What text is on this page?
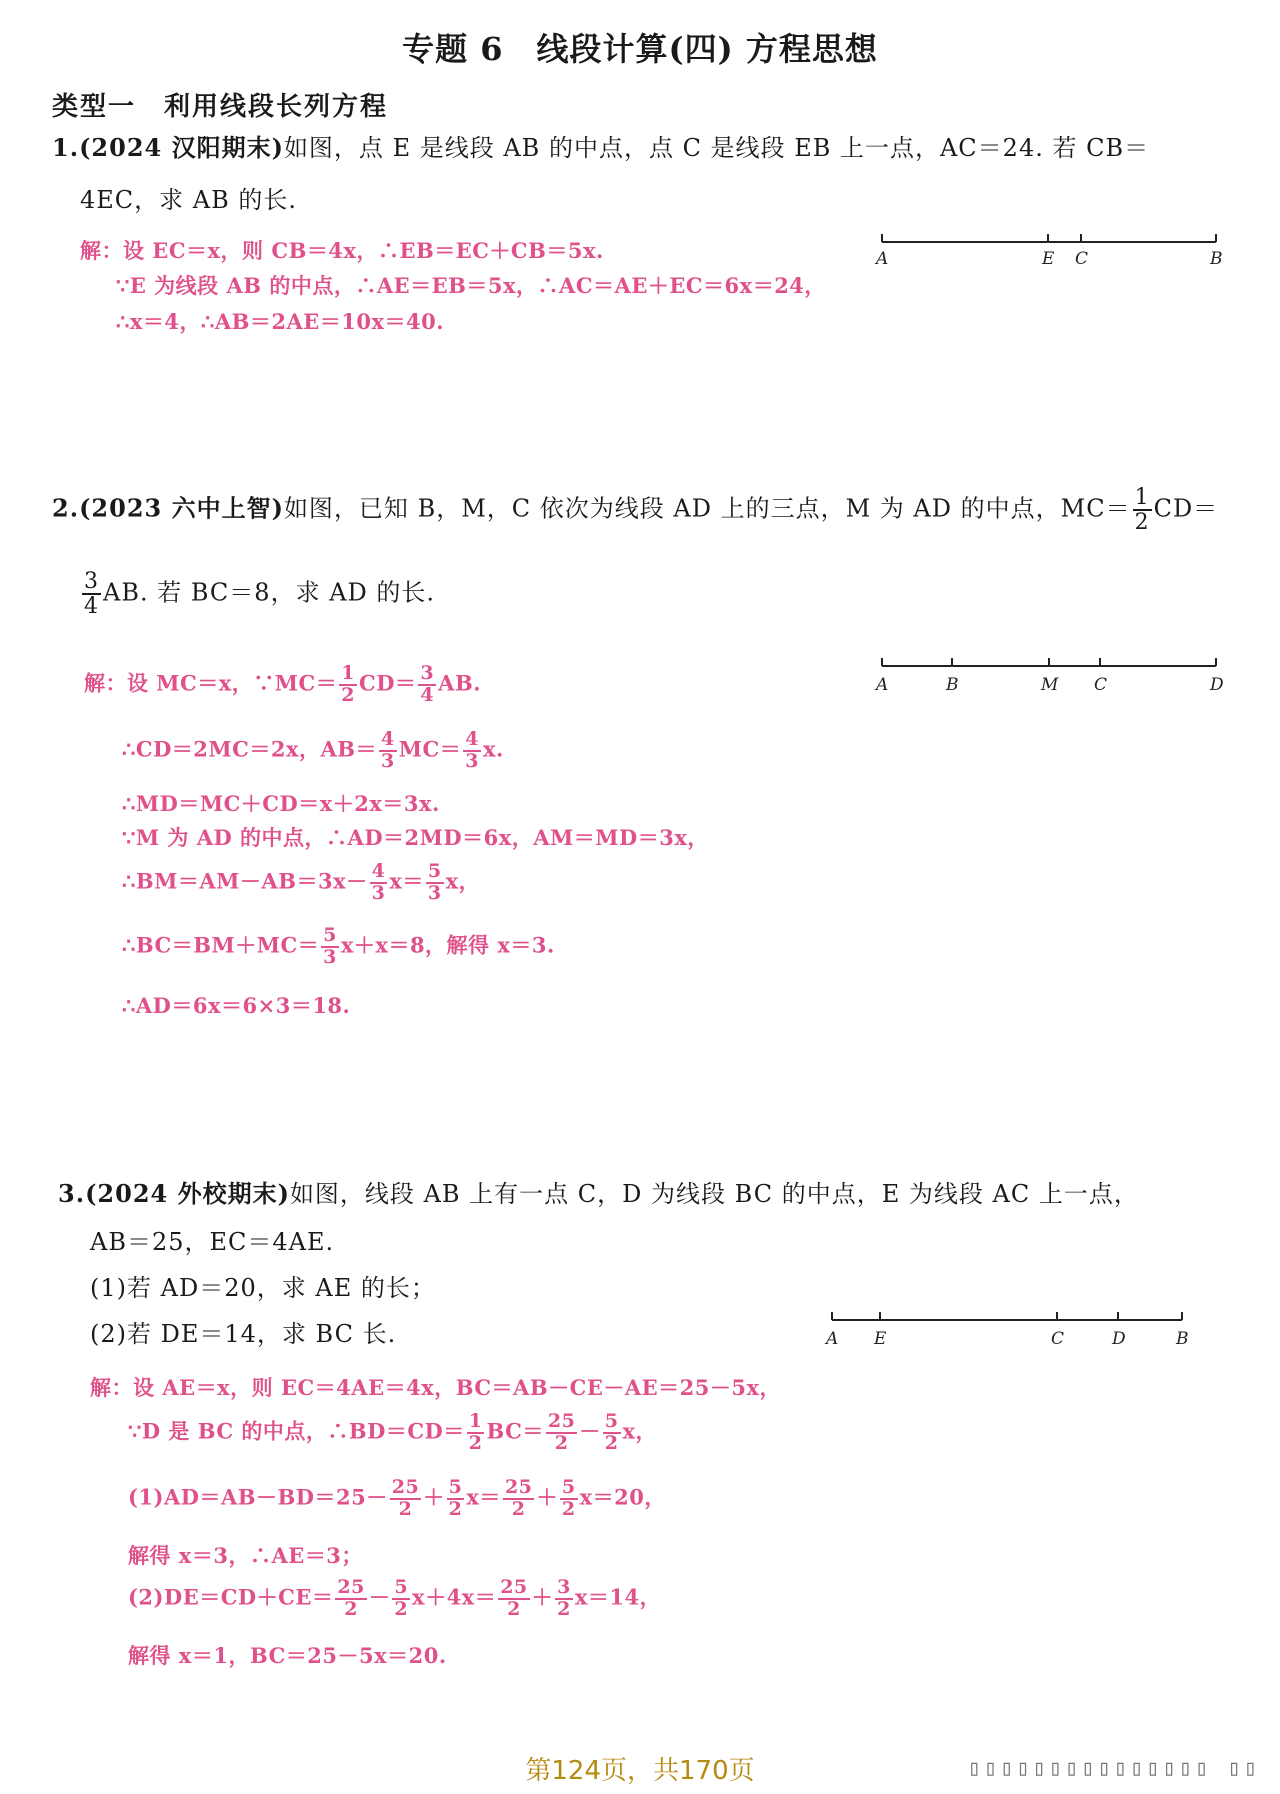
专题 6　线段计算(四) 方程思想
类型一　利用线段长列方程
1.(2024 汉阳期末)如图，点 E 是线段 AB 的中点，点 C 是线段 EB 上一点，AC＝24. 若 CB＝
4EC，求 AB 的长.
A	E C	B
解：设 EC＝x，则 CB＝4x，∴EB＝EC＋CB＝5x.
∵E 为线段 AB 的中点，∴AE＝EB＝5x，∴AC＝AE＋EC＝6x＝24，
∴x＝4，∴AB＝2AE＝10x＝40.
2.(2023 六中上智)如图，已知 B，M，C 依次为线段 AD 上的三点，M 为 AD 的中点，$MC= \frac{1}{2} CD=$
$\frac{3}{4}$ AB. 若 BC＝8，求 AD 的长.
A	B	M C	D
解：设 MC＝x，∵MC＝ $\frac{1}{2} CD= \frac{3}{4}$ AB.
∴CD＝2MC＝2x，$AB= \frac{4}{3} MC= \frac{4}{3} x$.
∴MD＝MC＋CD＝x＋2x＝3x.
∵M 为 AD 的中点，∴AD＝2MD＝6x，AM＝MD＝3x，
∴BM＝AM－AB＝3x－ $\frac{4}{3} x= \frac{5}{3}$ x，
∴BC＝BM＋MC＝ $\frac{5}{3} x+x=8$，解得 x＝3.
∴AD＝6x＝6×3＝18.
3.(2024 外校期末)如图，线段 AB 上有一点 C，D 为线段 BC 的中点，E 为线段 AC 上一点，
AB＝25，EC＝4AE.
(1)若 AD＝20，求 AE 的长；
(2)若 DE＝14，求 BC 长.	A E	C	D	B
解：设 AE＝x，则 EC＝4AE＝4x，BC＝AB－CE－AE＝25－5x，
∵D 是 BC 的中点，∴BD＝CD＝ $\frac{1}{2} BC= \frac{25}{2} - \frac{5}{2}$ x，
$(1)AD=AB-BD=25- \frac{25}{2} + \frac{5}{2} x= \frac{25}{2} + \frac{5}{2} x=20$，
解得 x＝3，∴AE＝3；
$(2)DE=CD+CE= \frac{25}{2} - \frac{5}{2} x+4x= \frac{25}{2} + \frac{3}{2} x=14$，
解得 x＝1，BC＝25－5x＝20.
第124页，共170页	▯▯▯▯▯▯▯▯▯▯▯▯▯▯▯ ▯▯
